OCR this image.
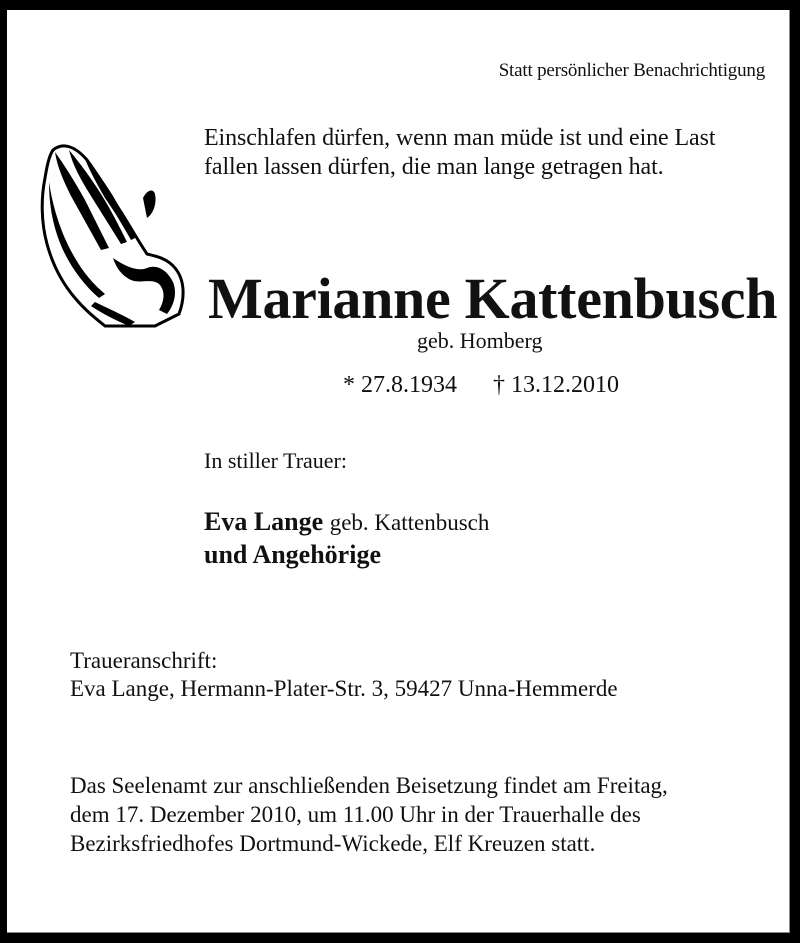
Statt persönlicher Benachrichtigung
Einschlafen dürfen, wenn man müde ist und eine Last
fallen lassen dürfen, die man lange getragen hat.
Marianne Kattenbusch
geb. Homberg
* 27.8.1934 † 13.12.2010
In stiller Trauer:
Eva Lange geb. Kattenbusch
und Angehörige
Traueranschrift:
Eva Lange, Hermann-Plater-Str. 3, 59427 Unna-Hemmerde
Das Seelenamt zur anschließenden Beisetzung findet am Freitag,
dem 17. Dezember 2010, um 11.00 Uhr in der Trauerhalle des
Bezirksfriedhofes Dortmund-Wickede, Elf Kreuzen statt.
